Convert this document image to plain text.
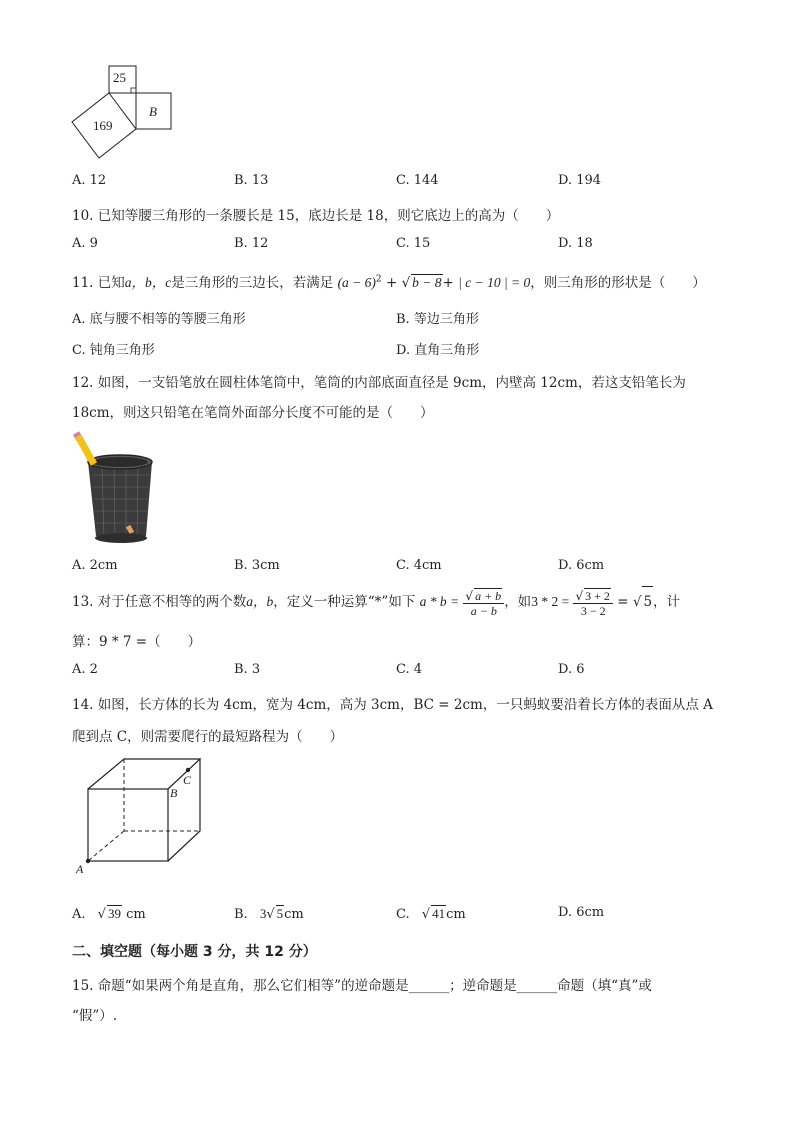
25
B
169
A. 12	B. 13	C. 144	D. 194
10. 已知等腰三角形的一条腰长是 15，底边长是 18，则它底边上的高为（　　）
A. 9	B. 12	C. 15	D. 18
11. 已知a，b，c是三角形的三边长，若满足 $(a - 6)^2$ + √ b − 8+ | c − 10 | = 0，则三角形的形状是（　　）
A. 底与腰不相等的等腰三角形	B. 等边三角形
C. 钝角三角形	D. 直角三角形
12. 如图，一支铅笔放在圆柱体笔筒中，笔筒的内部底面直径是 9cm，内壁高 12cm，若这支铅笔长为
18cm，则这只铅笔在笔筒外面部分长度不可能的是（　　）
A. 2cm	B. 3cm	C. 4cm	D. 6cm
13. 对于任意不相等的两个数a，b，定义一种运算“*”如下 $a * b = \frac{√ a + b}{a - b}$ ，如$3 * 2 = \frac{√ 3 + 2}{3 - 2}$ = √ 5，计
算：9 * 7 =（　　）
A. 2	B. 3	C. 4	D. 6
14. 如图，长方体的长为 4cm，宽为 4cm，高为 3cm，BC = 2cm，一只蚂蚁要沿着长方体的表面从点 A
爬到点 C，则需要爬行的最短路程为（　　）
A
B
C
A. √ 39 cm	B. 3√ 5cm	C. √ 41cm	D. 6cm
二、填空题（每小题 3 分，共 12 分）
15. 命题“如果两个角是直角，那么它们相等”的逆命题是______；逆命题是______命题（填“真”或
“假”）.
